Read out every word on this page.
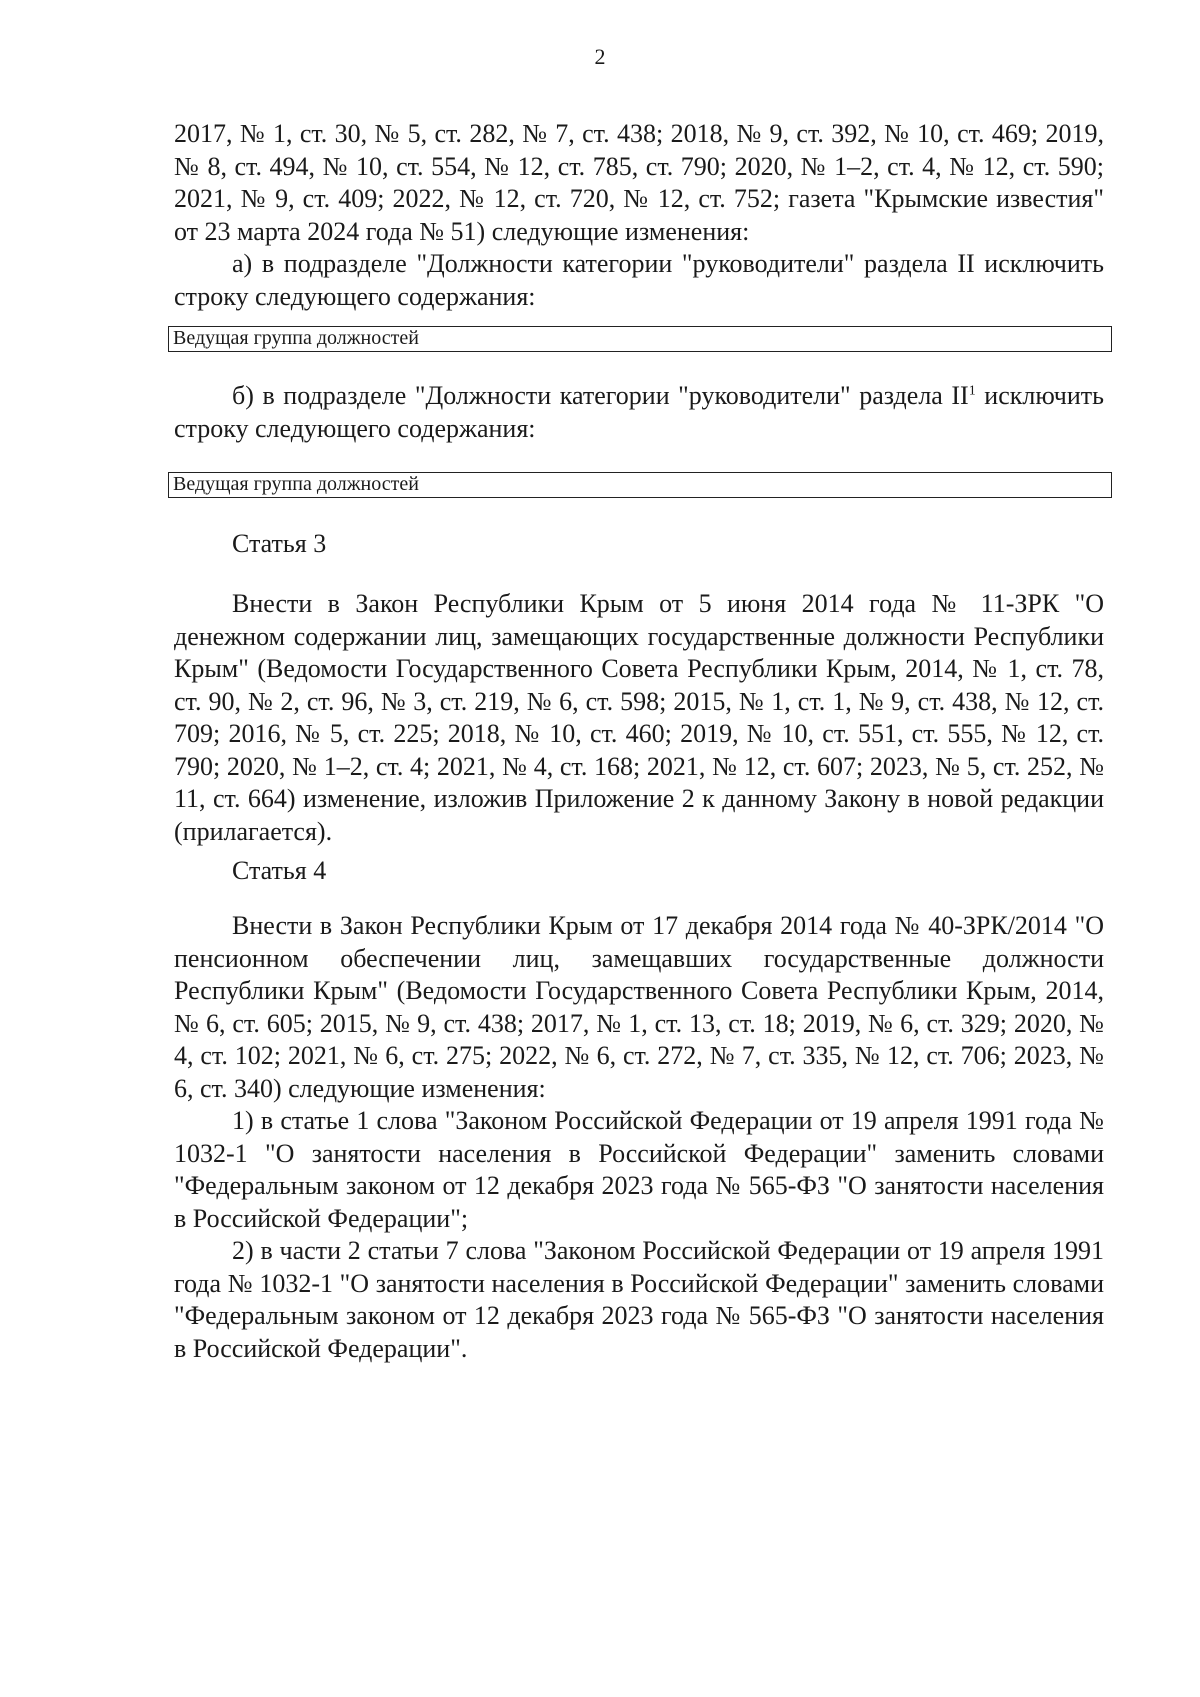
2

2017, № 1, ст. 30, № 5, ст. 282, № 7, ст. 438; 2018, № 9, ст. 392, № 10, ст. 469; 2019, № 8, ст. 494, № 10, ст. 554, № 12, ст. 785, ст. 790; 2020, № 1–2, ст. 4, № 12, ст. 590; 2021, № 9, ст. 409; 2022, № 12, ст. 720, № 12, ст. 752; газета "Крымские известия" от 23 марта 2024 года № 51) следующие изменения:

а) в подразделе "Должности категории "руководители" раздела II исключить строку следующего содержания:

Ведущая группа должностей

б) в подразделе "Должности категории "руководители" раздела $II^1$ исключить строку следующего содержания:

Ведущая группа должностей
Статья 3

Внести в Закон Республики Крым от 5 июня 2014 года № 11-ЗРК "О денежном содержании лиц, замещающих государственные должности Республики Крым" (Ведомости Государственного Совета Республики Крым, 2014, № 1, ст. 78, ст. 90, № 2, ст. 96, № 3, ст. 219, № 6, ст. 598; 2015, № 1, ст. 1, № 9, ст. 438, № 12, ст. 709; 2016, № 5, ст. 225; 2018, № 10, ст. 460; 2019, № 10, ст. 551, ст. 555, № 12, ст. 790; 2020, № 1–2, ст. 4; 2021, № 4, ст. 168; 2021, № 12, ст. 607; 2023, № 5, ст. 252, № 11, ст. 664) изменение, изложив Приложение 2 к данному Закону в новой редакции (прилагается).

Статья 4

Внести в Закон Республики Крым от 17 декабря 2014 года № 40-ЗРК/2014 "О пенсионном обеспечении лиц, замещавших государственные должности Республики Крым" (Ведомости Государственного Совета Республики Крым, 2014, № 6, ст. 605; 2015, № 9, ст. 438; 2017, № 1, ст. 13, ст. 18; 2019, № 6, ст. 329; 2020, № 4, ст. 102; 2021, № 6, ст. 275; 2022, № 6, ст. 272, № 7, ст. 335, № 12, ст. 706; 2023, № 6, ст. 340) следующие изменения:

1) в статье 1 слова "Законом Российской Федерации от 19 апреля 1991 года № 1032-1 "О занятости населения в Российской Федерации" заменить словами "Федеральным законом от 12 декабря 2023 года № 565-ФЗ "О занятости населения в Российской Федерации";

2) в части 2 статьи 7 слова "Законом Российской Федерации от 19 апреля 1991 года № 1032-1 "О занятости населения в Российской Федерации" заменить словами "Федеральным законом от 12 декабря 2023 года № 565-ФЗ "О занятости населения в Российской Федерации".
